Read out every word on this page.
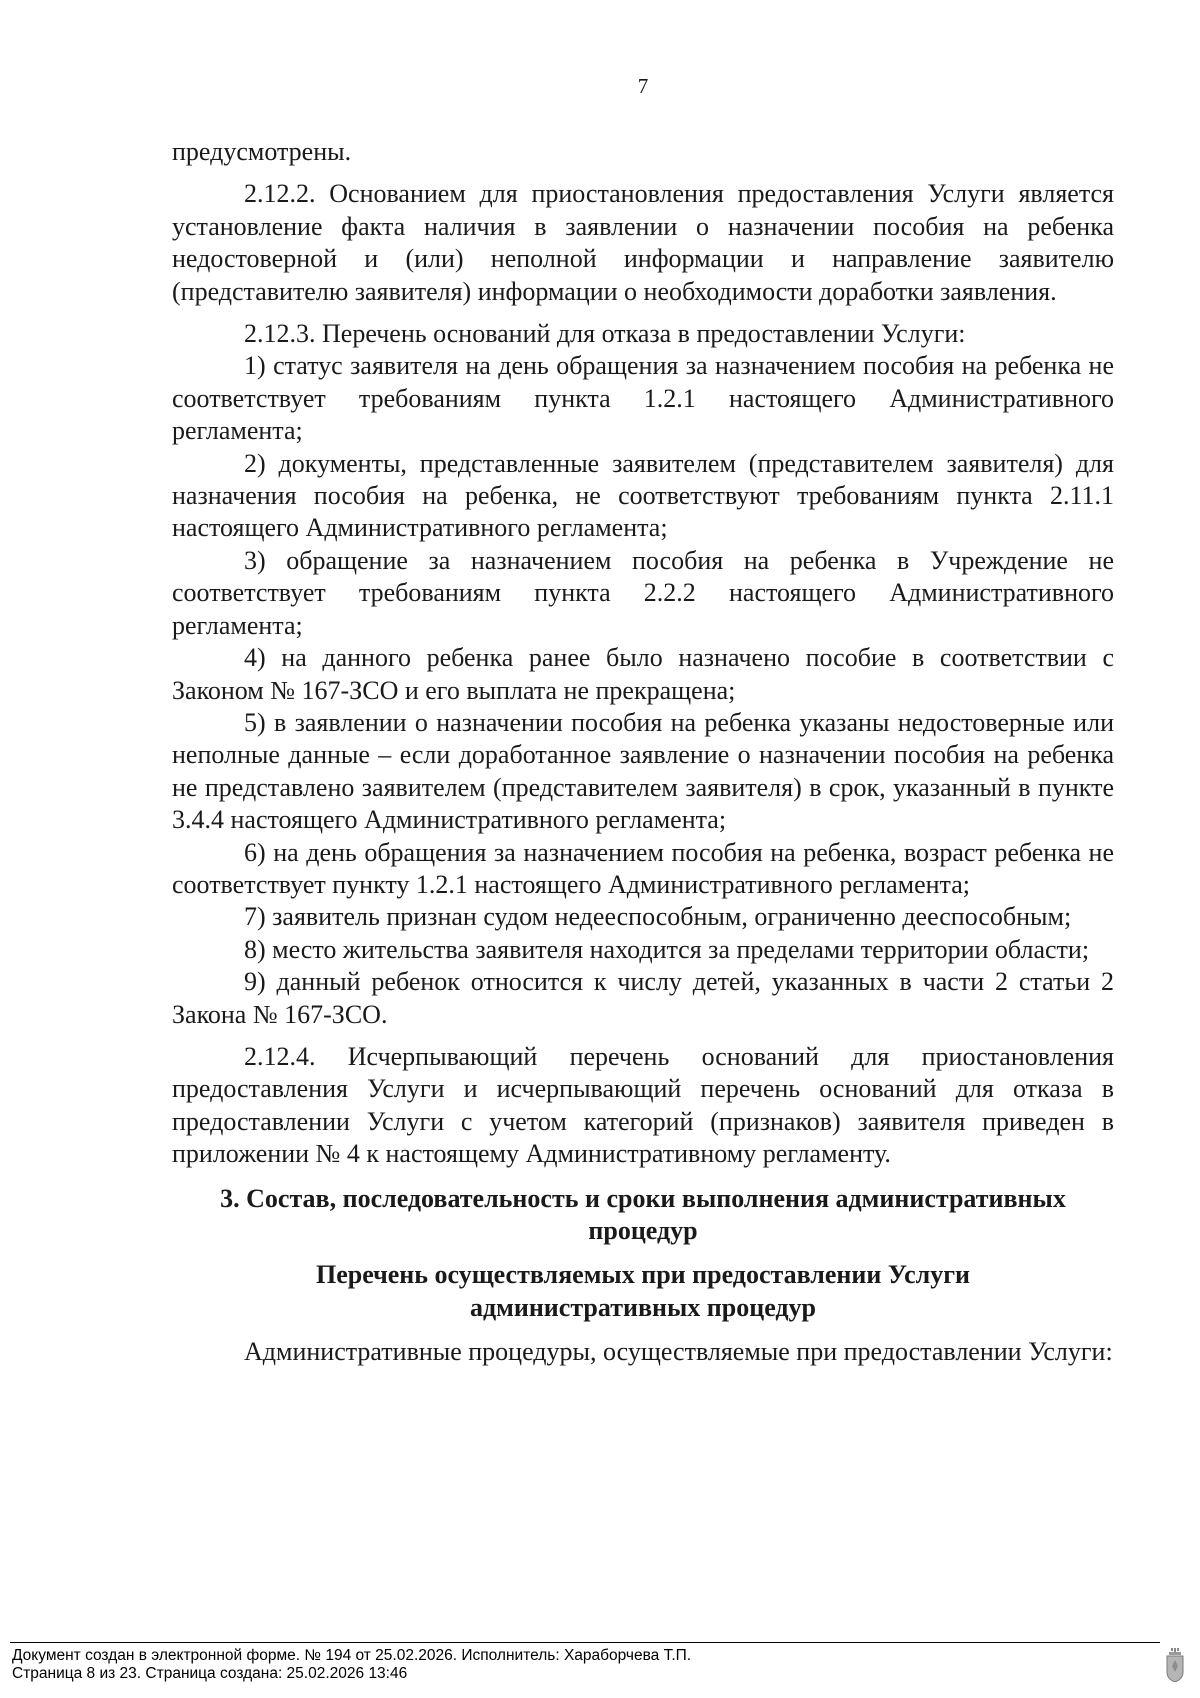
7

предусмотрены.

2.12.2. Основанием для приостановления предоставления Услуги является установление факта наличия в заявлении о назначении пособия на ребенка недостоверной и (или) неполной информации и направление заявителю (представителю заявителя) информации о необходимости доработки заявления.

2.12.3. Перечень оснований для отказа в предоставлении Услуги:

1) статус заявителя на день обращения за назначением пособия на ребенка не соответствует требованиям пункта 1.2.1 настоящего Административного регламента;

2) документы, представленные заявителем (представителем заявителя) для назначения пособия на ребенка, не соответствуют требованиям пункта 2.11.1 настоящего Административного регламента;

3) обращение за назначением пособия на ребенка в Учреждение не соответствует требованиям пункта 2.2.2 настоящего Административного регламента;

4) на данного ребенка ранее было назначено пособие в соответствии с Законом № 167-ЗСО и его выплата не прекращена;

5) в заявлении о назначении пособия на ребенка указаны недостоверные или неполные данные – если доработанное заявление о назначении пособия на ребенка не представлено заявителем (представителем заявителя) в срок, указанный в пункте 3.4.4 настоящего Административного регламента;

6) на день обращения за назначением пособия на ребенка, возраст ребенка не соответствует пункту 1.2.1 настоящего Административного регламента;

7) заявитель признан судом недееспособным, ограниченно дееспособным;

8) место жительства заявителя находится за пределами территории области;

9) данный ребенок относится к числу детей, указанных в части 2 статьи 2 Закона № 167-ЗСО.

2.12.4. Исчерпывающий перечень оснований для приостановления предоставления Услуги и исчерпывающий перечень оснований для отказа в предоставлении Услуги с учетом категорий (признаков) заявителя приведен в приложении № 4 к настоящему Административному регламенту.

3. Состав, последовательность и сроки выполнения административных
процедур
Перечень осуществляемых при предоставлении Услуги
административных процедур

Административные процедуры, осуществляемые при предоставлении Услуги:

Документ создан в электронной форме. № 194 от 25.02.2026. Исполнитель: Хараборчева Т.П.
Страница 8 из 23. Страница создана: 25.02.2026 13:46
